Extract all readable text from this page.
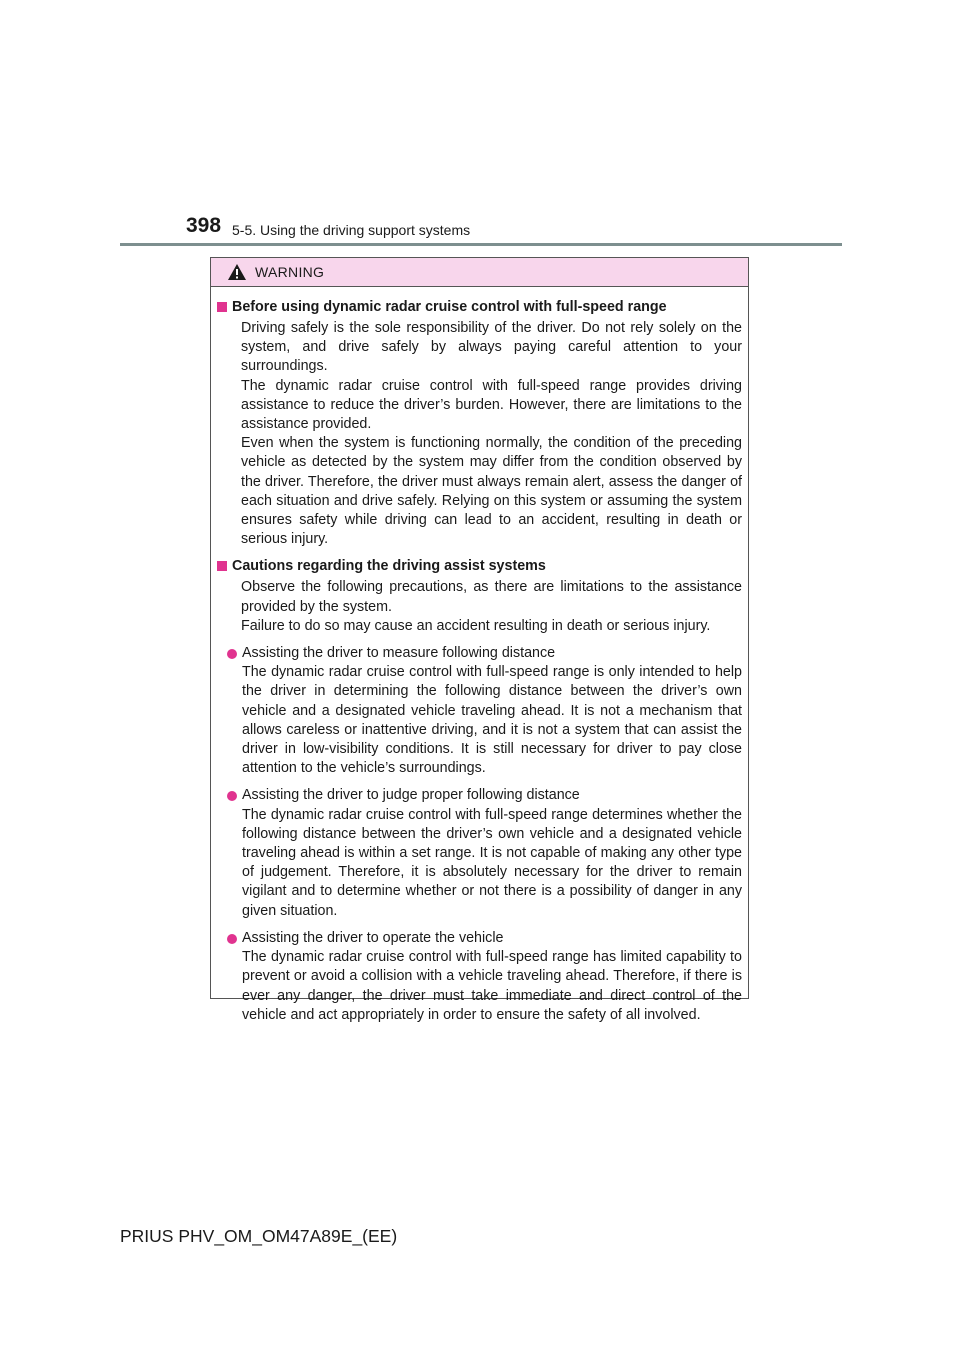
398 5-5. Using the driving support systems
WARNING
Before using dynamic radar cruise control with full-speed range

Driving safely is the sole responsibility of the driver. Do not rely solely on the system, and drive safely by always paying careful attention to your surroundings.

The dynamic radar cruise control with full-speed range provides driving assistance to reduce the driver’s burden. However, there are limitations to the assistance provided.

Even when the system is functioning normally, the condition of the preceding vehicle as detected by the system may differ from the condition observed by the driver. Therefore, the driver must always remain alert, assess the danger of each situation and drive safely. Relying on this system or assuming the system ensures safety while driving can lead to an accident, resulting in death or serious injury.

Cautions regarding the driving assist systems

Observe the following precautions, as there are limitations to the assistance provided by the system.

Failure to do so may cause an accident resulting in death or serious injury.

Assisting the driver to measure following distance

The dynamic radar cruise control with full-speed range is only intended to help the driver in determining the following distance between the driver’s own vehicle and a designated vehicle traveling ahead. It is not a mechanism that allows careless or inattentive driving, and it is not a system that can assist the driver in low-visibility conditions. It is still necessary for driver to pay close attention to the vehicle’s surroundings.

Assisting the driver to judge proper following distance

The dynamic radar cruise control with full-speed range determines whether the following distance between the driver’s own vehicle and a designated vehicle traveling ahead is within a set range. It is not capable of making any other type of judgement. Therefore, it is absolutely necessary for the driver to remain vigilant and to determine whether or not there is a possibility of danger in any given situation.

Assisting the driver to operate the vehicle

The dynamic radar cruise control with full-speed range has limited capability to prevent or avoid a collision with a vehicle traveling ahead. Therefore, if there is ever any danger, the driver must take immediate and direct control of the vehicle and act appropriately in order to ensure the safety of all involved.

PRIUS PHV_OM_OM47A89E_(EE)
